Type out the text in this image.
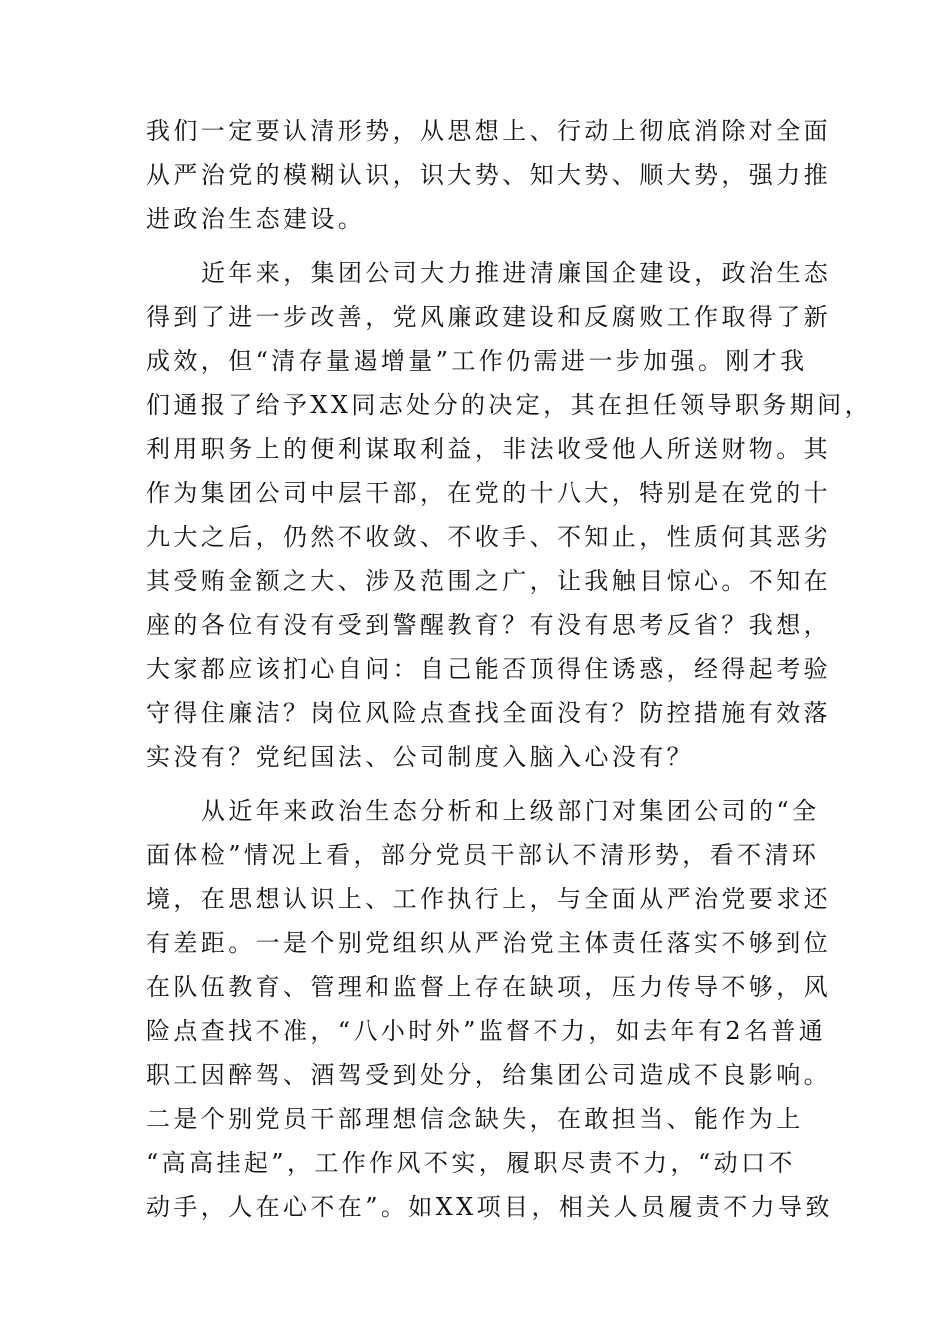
我们一定要认清形势，从思想上、行动上彻底消除对全面
从严治党的模糊认识，识大势、知大势、顺大势，强力推
进政治生态建设。
近年来，集团公司大力推进清廉国企建设，政治生态
得到了进一步改善，党风廉政建设和反腐败工作取得了新
成效，但“清存量遏增量”工作仍需进一步加强。刚才我
们通报了给予XX同志处分的决定，其在担任领导职务期间，
利用职务上的便利谋取利益，非法收受他人所送财物。其
作为集团公司中层干部，在党的十八大，特别是在党的十
九大之后，仍然不收敛、不收手、不知止，性质何其恶劣
其受贿金额之大、涉及范围之广，让我触目惊心。不知在
座的各位有没有受到警醒教育？有没有思考反省？我想，
大家都应该扪心自问：自己能否顶得住诱惑，经得起考验
守得住廉洁？岗位风险点查找全面没有？防控措施有效落
实没有？党纪国法、公司制度入脑入心没有？
从近年来政治生态分析和上级部门对集团公司的“全
面体检”情况上看，部分党员干部认不清形势，看不清环
境，在思想认识上、工作执行上，与全面从严治党要求还
有差距。一是个别党组织从严治党主体责任落实不够到位
在队伍教育、管理和监督上存在缺项，压力传导不够，风
险点查找不准，“八小时外”监督不力，如去年有2名普通
职工因醉驾、酒驾受到处分，给集团公司造成不良影响。
二是个别党员干部理想信念缺失，在敢担当、能作为上
“高高挂起”，工作作风不实，履职尽责不力，“动口不
动手，人在心不在”。如XX项目，相关人员履责不力导致
